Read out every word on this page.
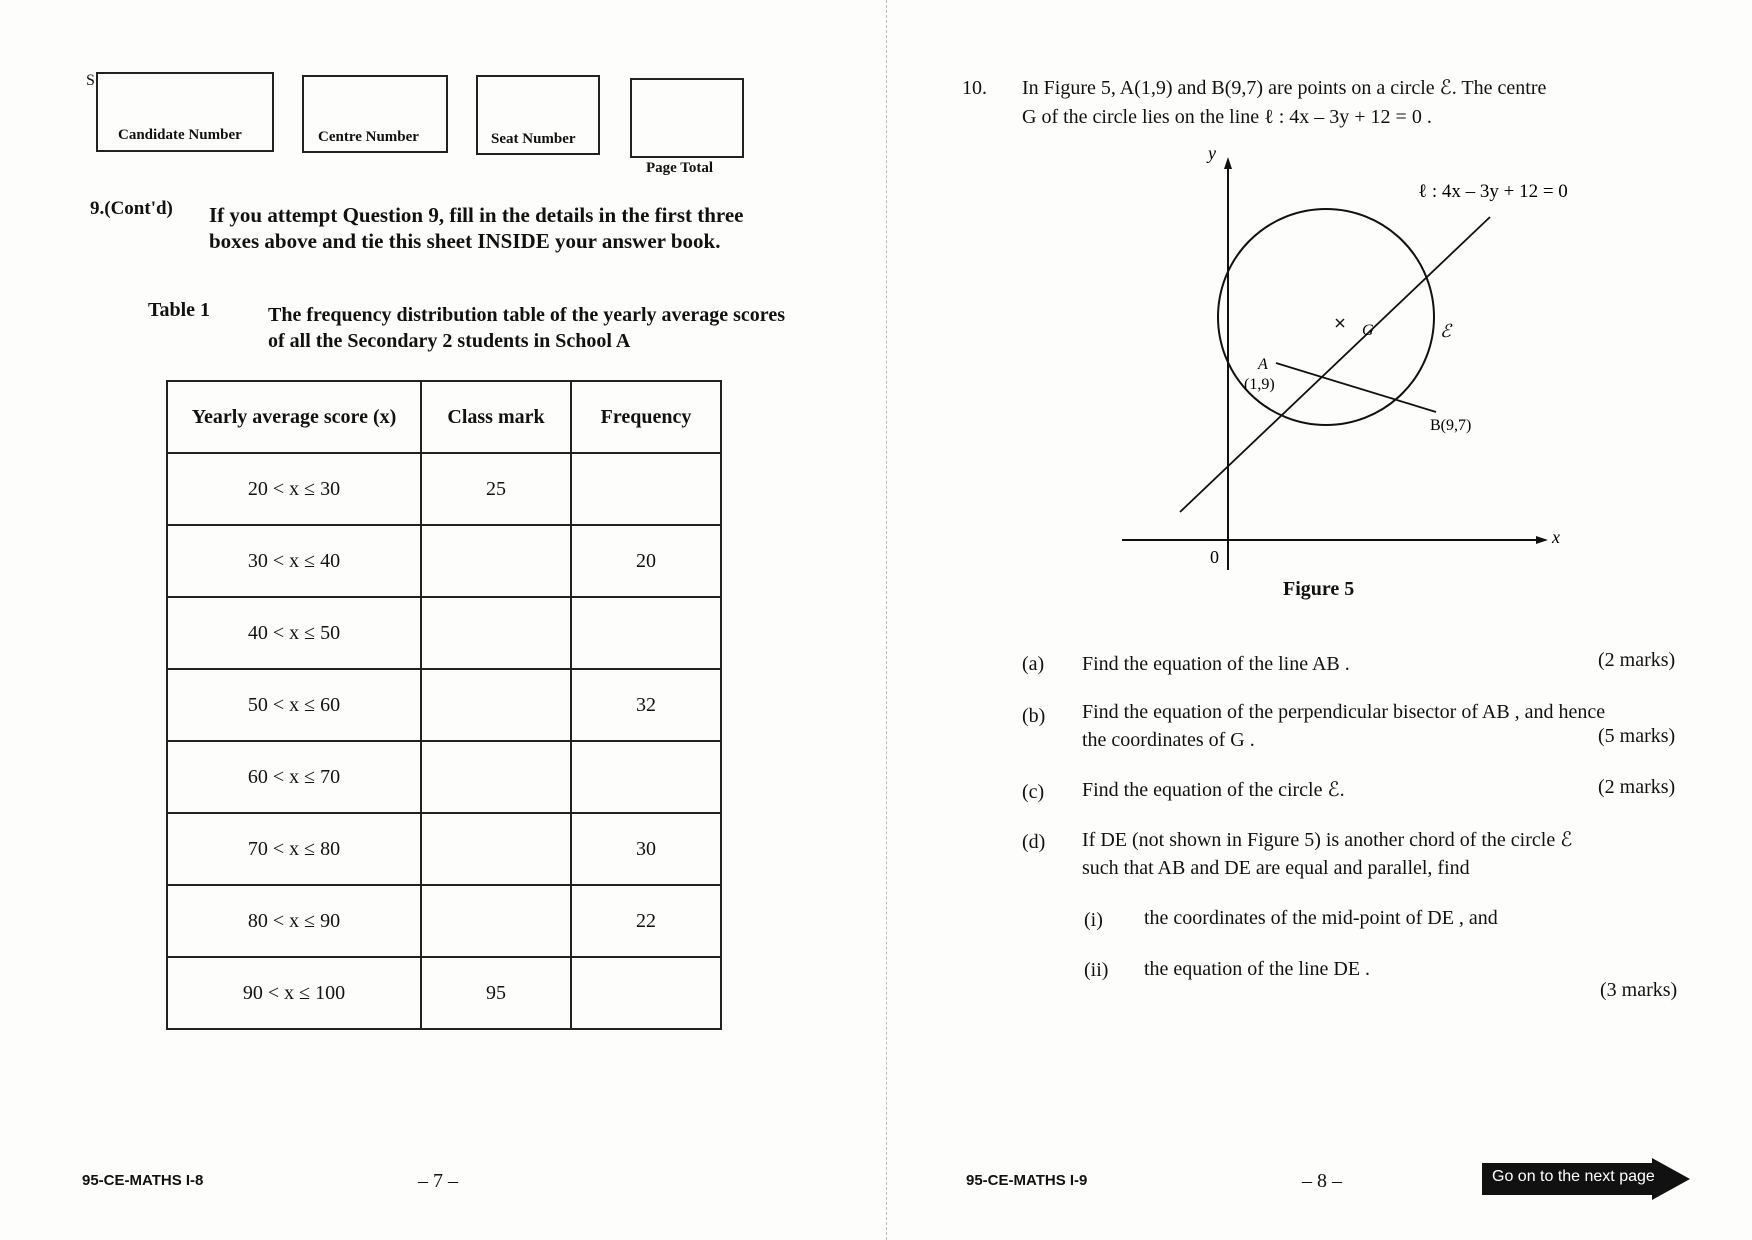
S
Candidate Number	Centre Number	Seat Number
Page Total
9.(Cont'd) If you attempt Question 9, fill in the details in the first three boxes above and tie this sheet INSIDE your answer book.
Table 1	The frequency distribution table of the yearly average scores of all the Secondary 2 students in School A
Yearly average score (x)	Class mark	Frequency
20 < x ≤ 30	25	
30 < x ≤ 40		20
40 < x ≤ 50		
50 < x ≤ 60		32
60 < x ≤ 70		
70 < x ≤ 80		30
80 < x ≤ 90		22
90 < x ≤ 100	95	
95-CE-MATHS I-8	– 7 –
10. In Figure 5, A(1,9) and B(9,7) are points on a circle ℰ. The centre
G of the circle lies on the line ℓ : 4x – 3y + 12 = 0 .
y
x
0
ℓ : 4x – 3y + 12 = 0
G	ℰ
A
(1,9)
B(9,7)
Figure 5
(a) Find the equation of the line AB .	(2 marks)
(b) Find the equation of the perpendicular bisector of AB , and hence
the coordinates of G .	(5 marks)
(c) Find the equation of the circle ℰ.	(2 marks)
(d) If DE (not shown in Figure 5) is another chord of the circle ℰ
such that AB and DE are equal and parallel, find
(i) the coordinates of the mid-point of DE , and
(ii) the equation of the line DE .
(3 marks)
95-CE-MATHS I-9	– 8 –	Go on to the next page
